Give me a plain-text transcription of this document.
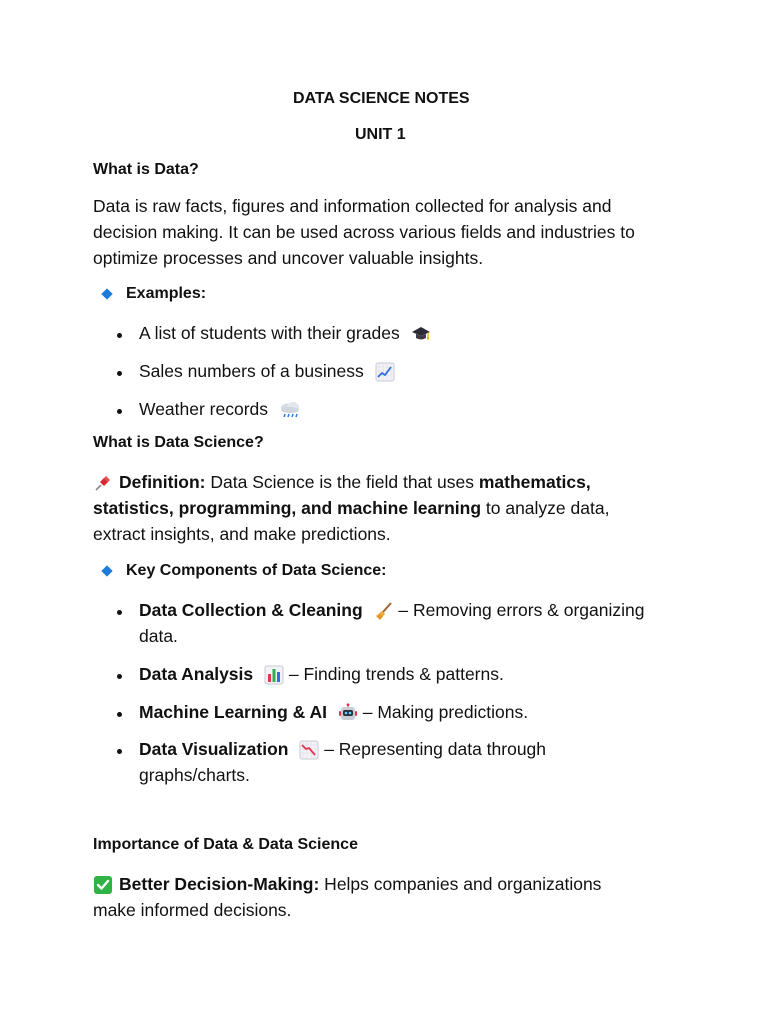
DATA SCIENCE NOTES
UNIT 1
What is Data?
Data is raw facts, figures and information collected for analysis and
decision making. It can be used across various fields and industries to
optimize processes and uncover valuable insights.
Examples:
A list of students with their grades
Sales numbers of a business
Weather records
What is Data Science?
Definition: Data Science is the field that uses mathematics,
statistics, programming, and machine learning to analyze data,
extract insights, and make predictions.
Key Components of Data Science:
Data Collection & Cleaning
– Removing errors & organizing
data.
Data Analysis
– Finding trends & patterns.
Machine Learning & AI
– Making predictions.
Data Visualization
– Representing data through
graphs/charts.
Importance of Data & Data Science
Better Decision-Making: Helps companies and organizations
make informed decisions.
